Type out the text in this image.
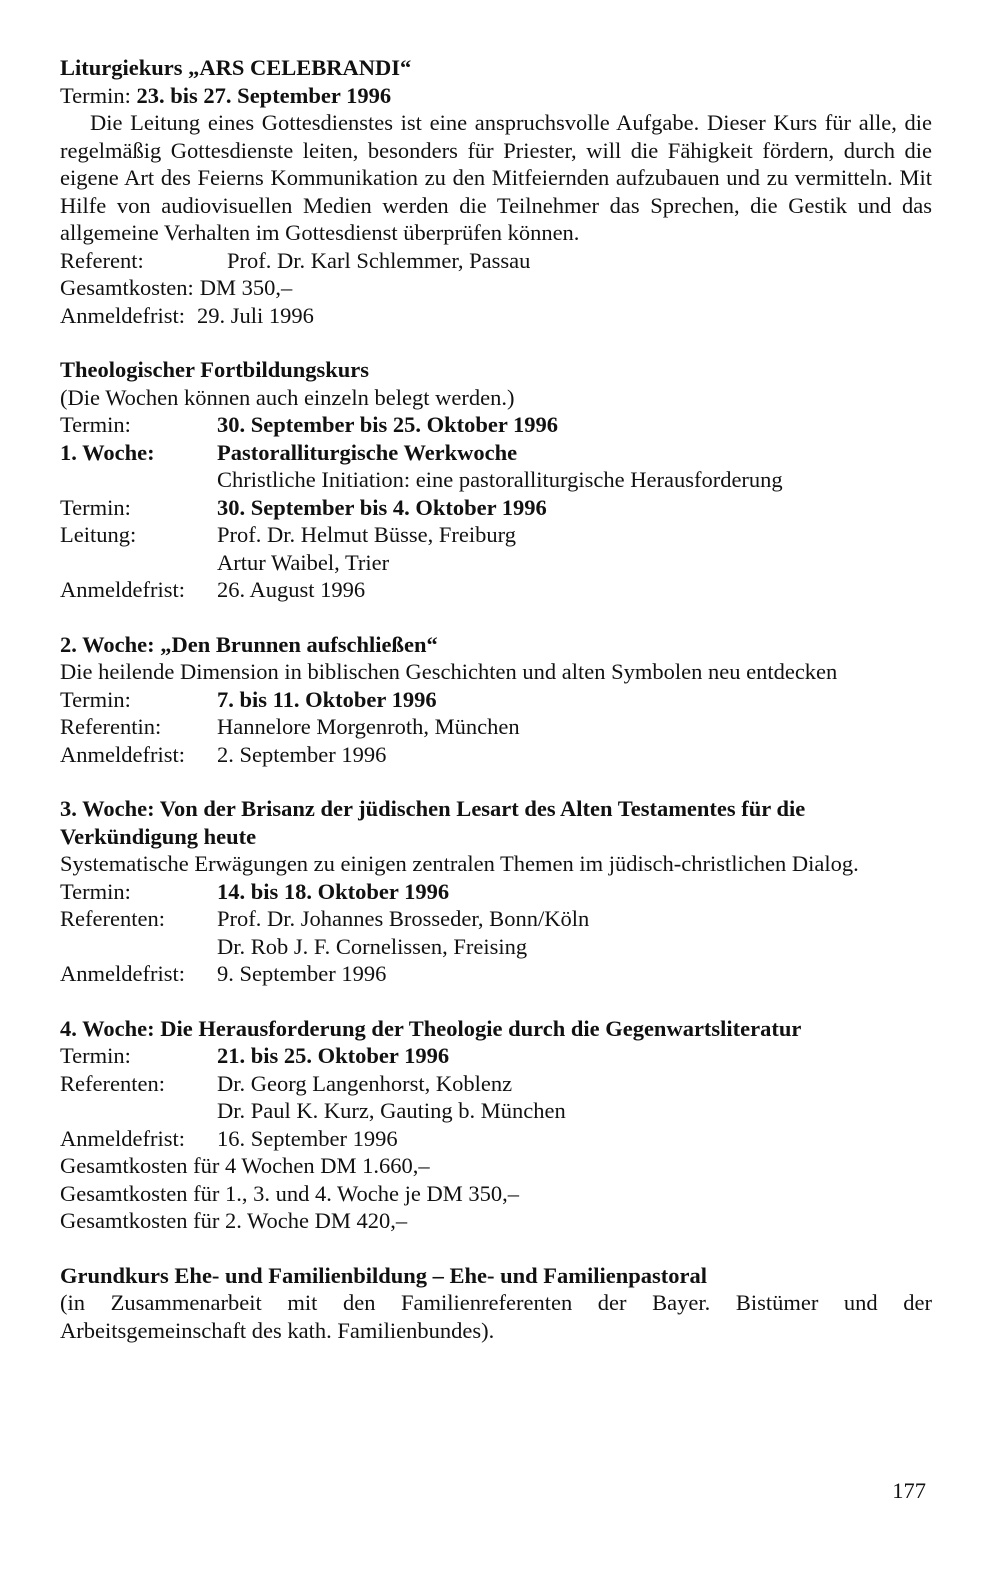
Liturgiekurs „ARS CELEBRANDI“
Termin: 23. bis 27. September 1996

Die Leitung eines Gottesdienstes ist eine anspruchsvolle Aufgabe. Dieser Kurs für alle, die regelmäßig Gottesdienste leiten, besonders für Priester, will die Fähigkeit fördern, durch die eigene Art des Feierns Kommunikation zu den Mitfeiernden aufzubauen und zu vermitteln. Mit Hilfe von audiovisuellen Medien werden die Teilnehmer das Sprechen, die Gestik und das allgemeine Verhalten im Gottesdienst überprüfen können.

Referent:	Prof. Dr. Karl Schlemmer, Passau
Gesamtkosten: DM 350,–
Anmeldefrist: 29. Juli 1996
Theologischer Fortbildungskurs
(Die Wochen können auch einzeln belegt werden.)
Termin:	30. September bis 25. Oktober 1996
1. Woche:	Pastoralliturgische Werkwoche
Christliche Initiation: eine pastoralliturgische Herausforderung
Termin:	30. September bis 4. Oktober 1996
Leitung:	Prof. Dr. Helmut Büsse, Freiburg
Artur Waibel, Trier
Anmeldefrist:	26. August 1996
2. Woche: „Den Brunnen aufschließen“

Die heilende Dimension in biblischen Geschichten und alten Symbolen neu entdecken

Termin:	7. bis 11. Oktober 1996
Referentin:	Hannelore Morgenroth, München
Anmeldefrist:	2. September 1996
3. Woche: Von der Brisanz der jüdischen Lesart des Alten Testamentes für die Verkündigung heute

Systematische Erwägungen zu einigen zentralen Themen im jüdisch-christlichen Dialog.

Termin:	14. bis 18. Oktober 1996
Referenten:	Prof. Dr. Johannes Brosseder, Bonn/Köln
Dr. Rob J. F. Cornelissen, Freising
Anmeldefrist:	9. September 1996
4. Woche: Die Herausforderung der Theologie durch die Gegenwartsliteratur
Termin:	21. bis 25. Oktober 1996
Referenten:	Dr. Georg Langenhorst, Koblenz
Dr. Paul K. Kurz, Gauting b. München
Anmeldefrist:	16. September 1996
Gesamtkosten für 4 Wochen DM 1.660,–
Gesamtkosten für 1., 3. und 4. Woche je DM 350,–
Gesamtkosten für 2. Woche DM 420,–
Grundkurs Ehe- und Familienbildung – Ehe- und Familienpastoral

(in Zusammenarbeit mit den Familienreferenten der Bayer. Bistümer und der Arbeitsgemeinschaft des kath. Familienbundes).

177
